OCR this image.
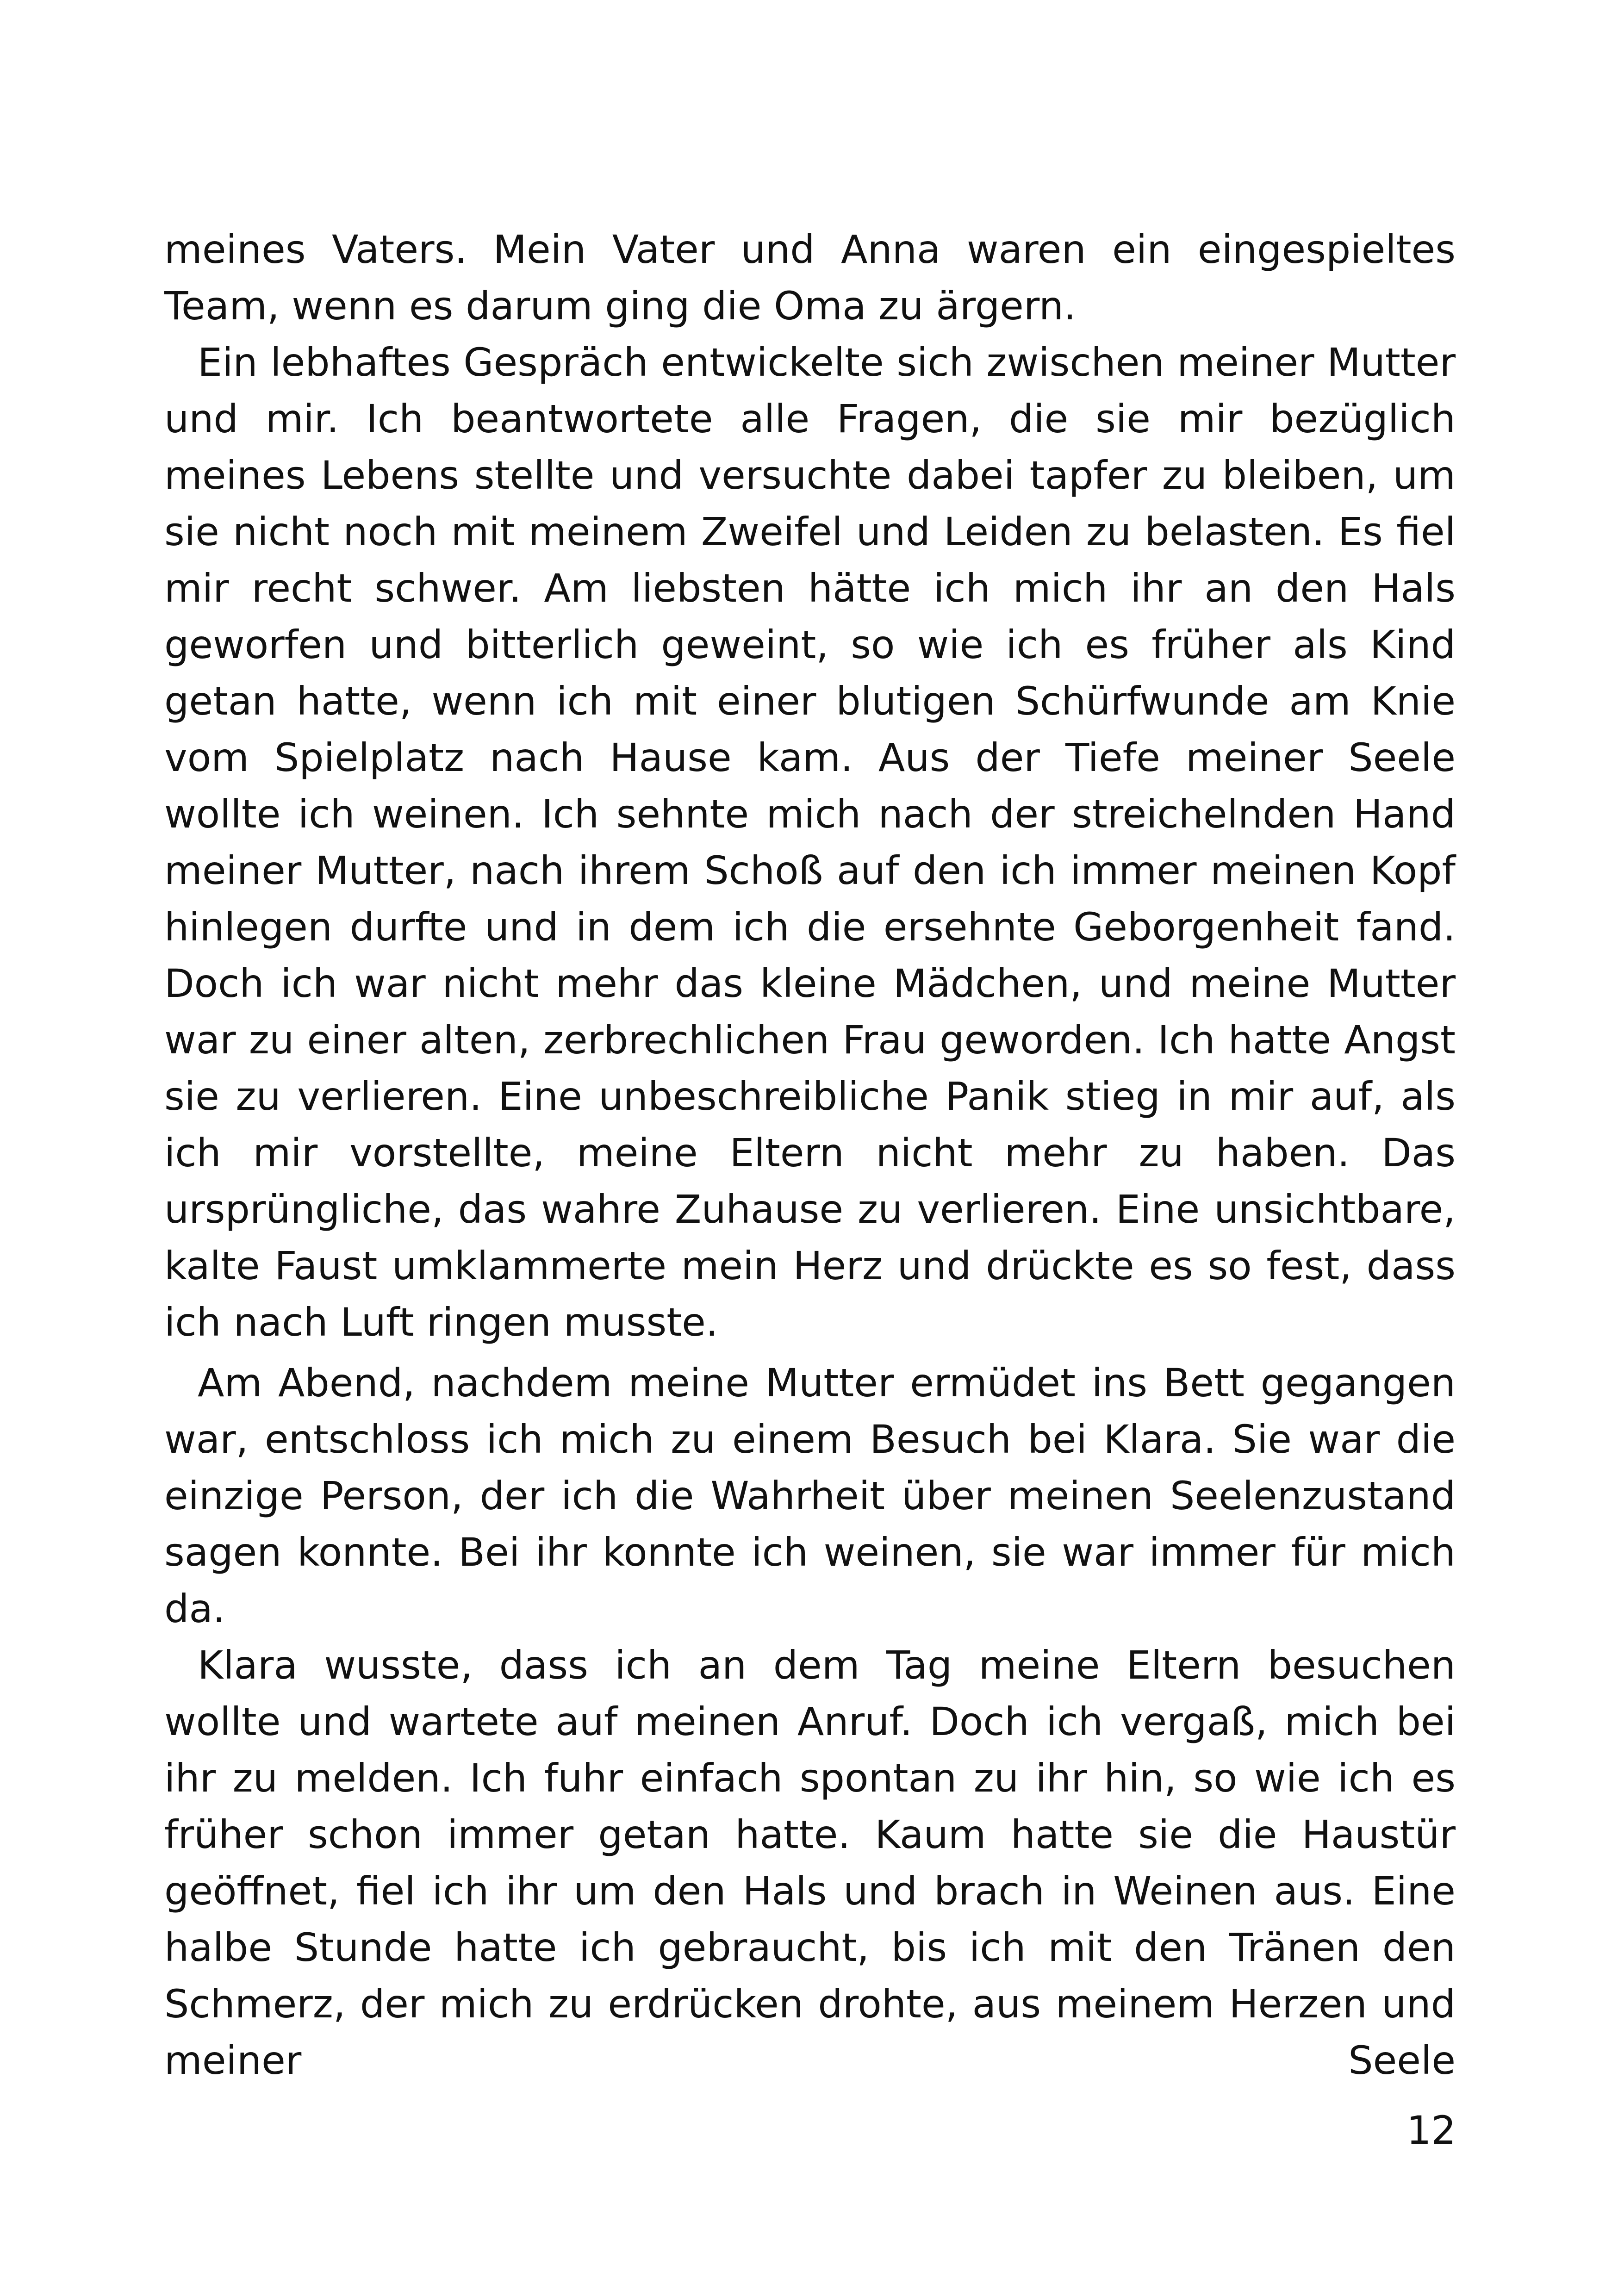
meines Vaters. Mein Vater und Anna waren ein eingespieltes Team, wenn es darum ging die Oma zu ärgern.

Ein lebhaftes Gespräch entwickelte sich zwischen meiner Mutter und mir. Ich beantwortete alle Fragen, die sie mir bezüglich meines Lebens stellte und versuchte dabei tapfer zu bleiben, um sie nicht noch mit meinem Zweifel und Leiden zu belasten. Es fiel mir recht schwer. Am liebsten hätte ich mich ihr an den Hals geworfen und bitterlich geweint, so wie ich es früher als Kind getan hatte, wenn ich mit einer blutigen Schürfwunde am Knie vom Spielplatz nach Hause kam. Aus der Tiefe meiner Seele wollte ich weinen. Ich sehnte mich nach der streichelnden Hand meiner Mutter, nach ihrem Schoß auf den ich immer meinen Kopf hinlegen durfte und in dem ich die ersehnte Geborgenheit fand. Doch ich war nicht mehr das kleine Mädchen, und meine Mutter war zu einer alten, zerbrechlichen Frau geworden. Ich hatte Angst sie zu verlieren. Eine unbeschreibliche Panik stieg in mir auf, als ich mir vorstellte, meine Eltern nicht mehr zu haben. Das ursprüngliche, das wahre Zuhause zu verlieren. Eine unsichtbare, kalte Faust umklammerte mein Herz und drückte es so fest, dass ich nach Luft ringen musste.

Am Abend, nachdem meine Mutter ermüdet ins Bett gegangen war, entschloss ich mich zu einem Besuch bei Klara. Sie war die einzige Person, der ich die Wahrheit über meinen Seelenzustand sagen konnte. Bei ihr konnte ich weinen, sie war immer für mich da.

Klara wusste, dass ich an dem Tag meine Eltern besuchen wollte und wartete auf meinen Anruf. Doch ich vergaß, mich bei ihr zu melden. Ich fuhr einfach spontan zu ihr hin, so wie ich es früher schon immer getan hatte. Kaum hatte sie die Haustür geöffnet, fiel ich ihr um den Hals und brach in Weinen aus. Eine halbe Stunde hatte ich gebraucht, bis ich mit den Tränen den Schmerz, der mich zu erdrücken drohte, aus meinem Herzen und meiner Seele

12
